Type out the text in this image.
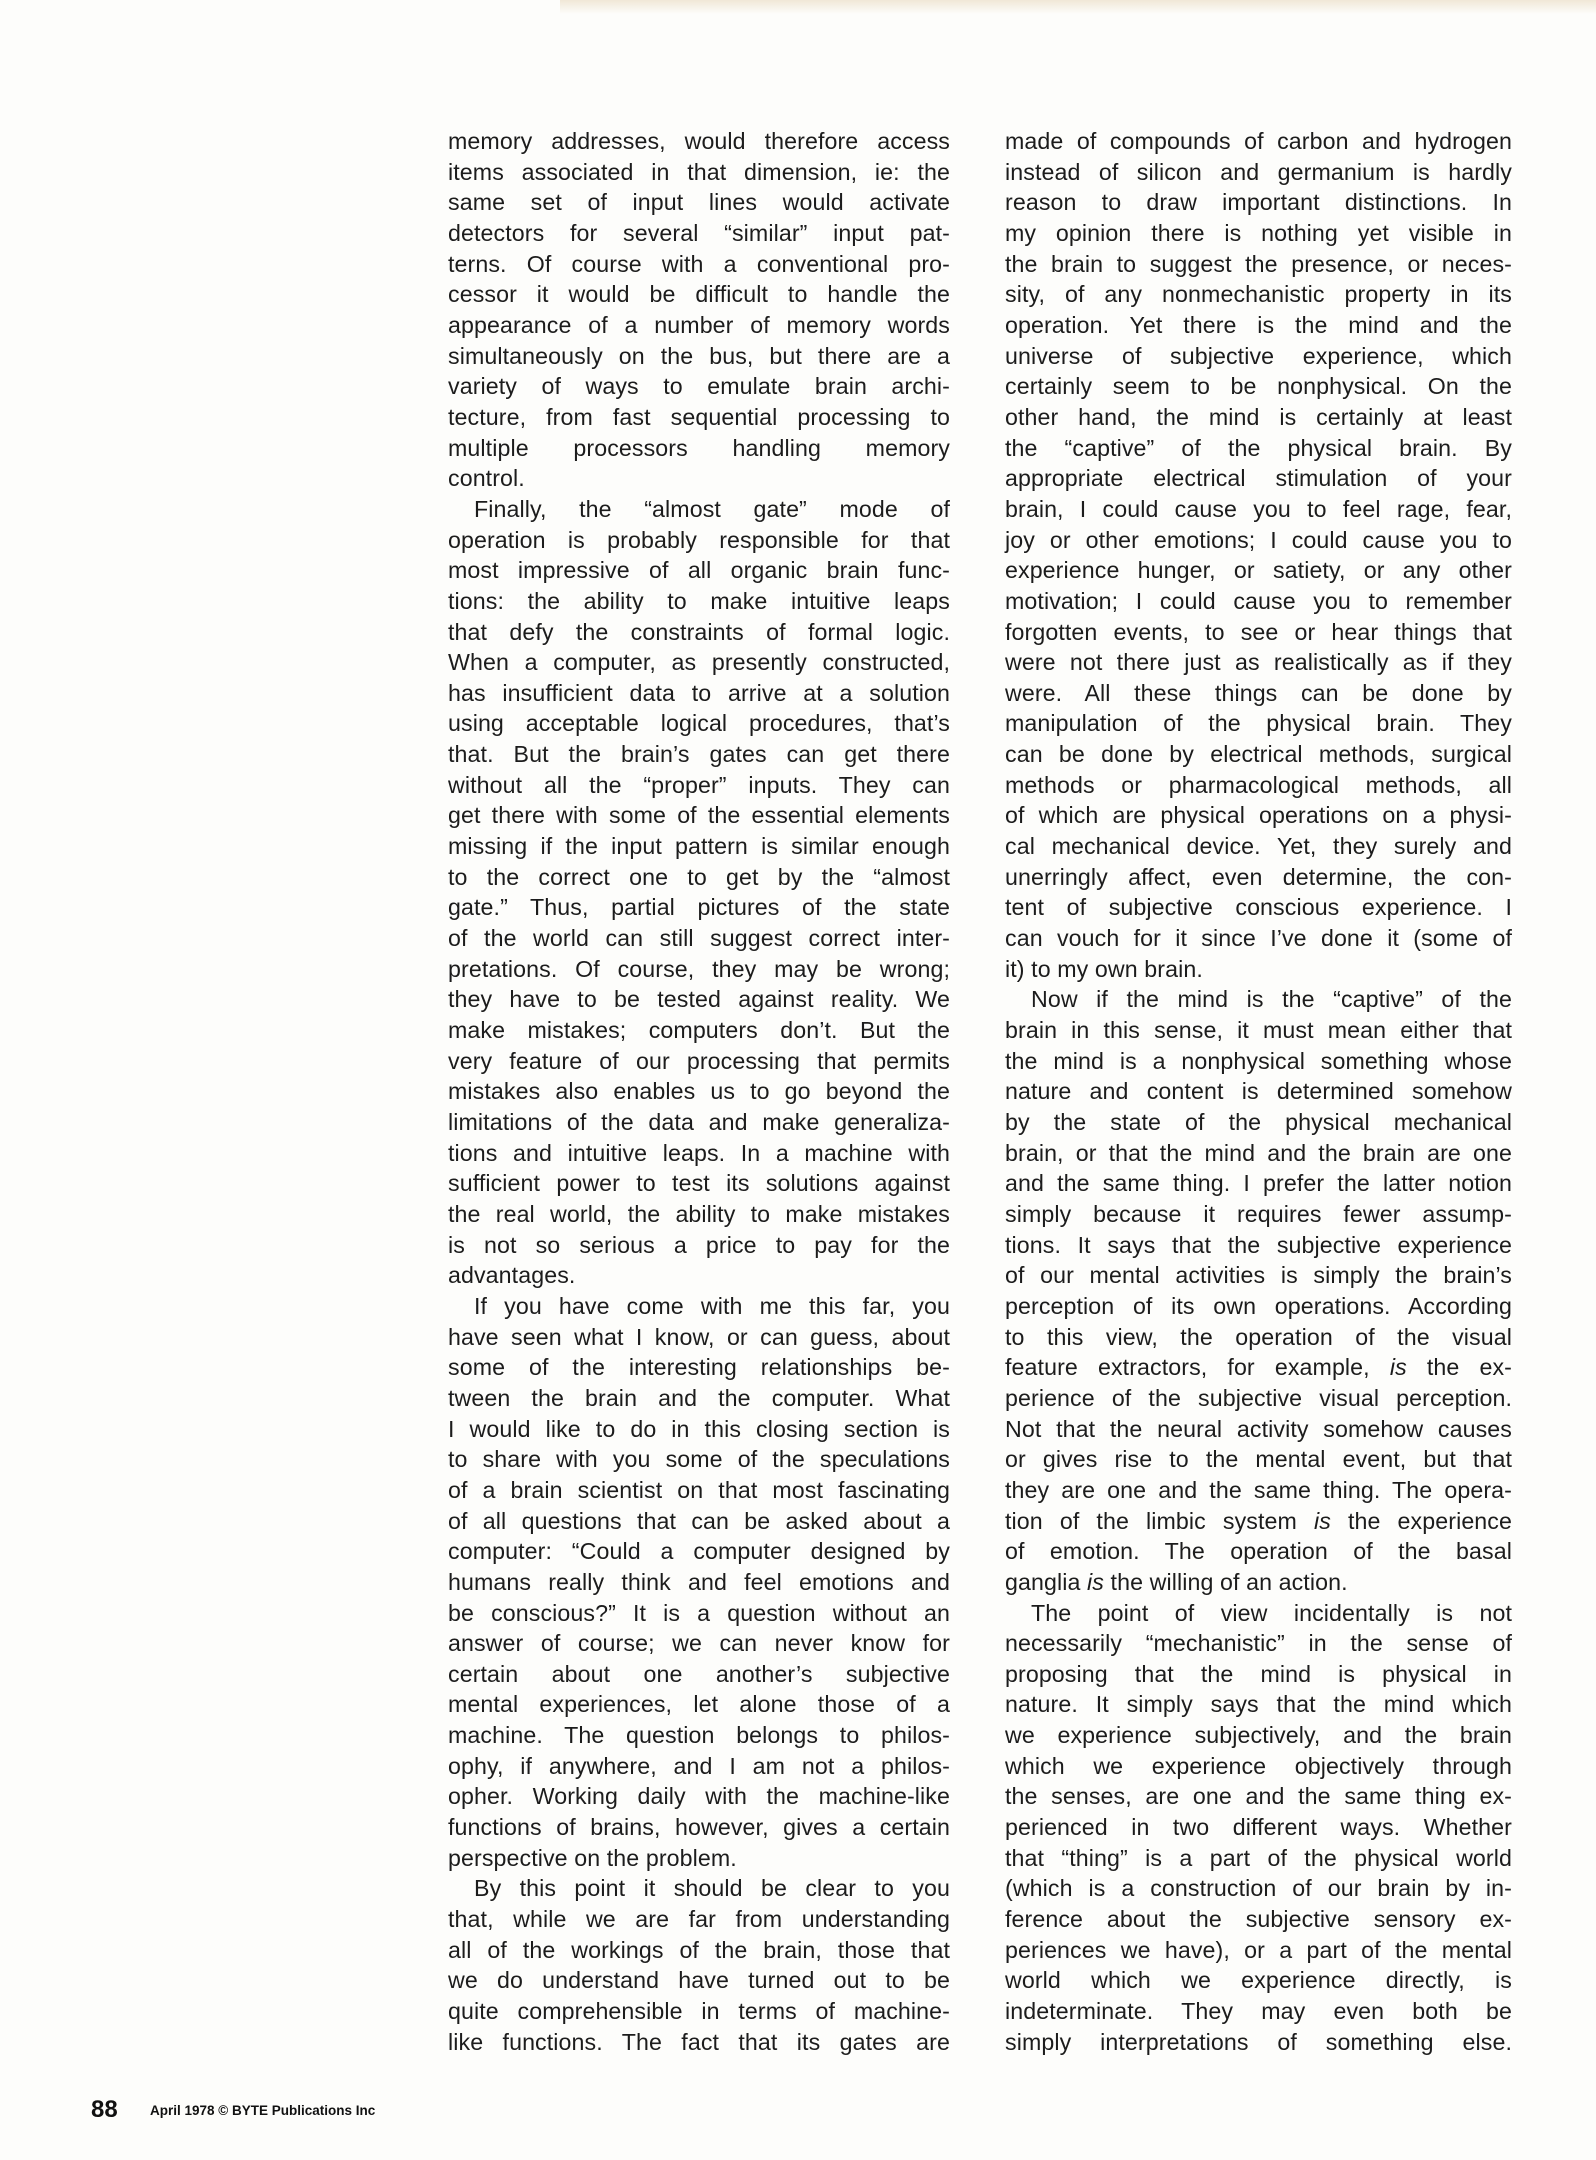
memory addresses, would therefore access
items associated in that dimension, ie: the
same set of input lines would activate
detectors for several “similar” input pat-
terns. Of course with a conventional pro-
cessor it would be difficult to handle the
appearance of a number of memory words
simultaneously on the bus, but there are a
variety of ways to emulate brain archi-
tecture, from fast sequential processing to
multiple processors handling memory
control.
Finally, the “almost gate” mode of
operation is probably responsible for that
most impressive of all organic brain func-
tions: the ability to make intuitive leaps
that defy the constraints of formal logic.
When a computer, as presently constructed,
has insufficient data to arrive at a solution
using acceptable logical procedures, that’s
that. But the brain’s gates can get there
without all the “proper” inputs. They can
get there with some of the essential elements
missing if the input pattern is similar enough
to the correct one to get by the “almost
gate.” Thus, partial pictures of the state
of the world can still suggest correct inter-
pretations. Of course, they may be wrong;
they have to be tested against reality. We
make mistakes; computers don’t. But the
very feature of our processing that permits
mistakes also enables us to go beyond the
limitations of the data and make generaliza-
tions and intuitive leaps. In a machine with
sufficient power to test its solutions against
the real world, the ability to make mistakes
is not so serious a price to pay for the
advantages.
If you have come with me this far, you
have seen what I know, or can guess, about
some of the interesting relationships be-
tween the brain and the computer. What
I would like to do in this closing section is
to share with you some of the speculations
of a brain scientist on that most fascinating
of all questions that can be asked about a
computer: “Could a computer designed by
humans really think and feel emotions and
be conscious?” It is a question without an
answer of course; we can never know for
certain about one another’s subjective
mental experiences, let alone those of a
machine. The question belongs to philos-
ophy, if anywhere, and I am not a philos-
opher. Working daily with the machine-like
functions of brains, however, gives a certain
perspective on the problem.
By this point it should be clear to you
that, while we are far from understanding
all of the workings of the brain, those that
we do understand have turned out to be
quite comprehensible in terms of machine-
like functions. The fact that its gates are
made of compounds of carbon and hydrogen
instead of silicon and germanium is hardly
reason to draw important distinctions. In
my opinion there is nothing yet visible in
the brain to suggest the presence, or neces-
sity, of any nonmechanistic property in its
operation. Yet there is the mind and the
universe of subjective experience, which
certainly seem to be nonphysical. On the
other hand, the mind is certainly at least
the “captive” of the physical brain. By
appropriate electrical stimulation of your
brain, I could cause you to feel rage, fear,
joy or other emotions; I could cause you to
experience hunger, or satiety, or any other
motivation; I could cause you to remember
forgotten events, to see or hear things that
were not there just as realistically as if they
were. All these things can be done by
manipulation of the physical brain. They
can be done by electrical methods, surgical
methods or pharmacological methods, all
of which are physical operations on a physi-
cal mechanical device. Yet, they surely and
unerringly affect, even determine, the con-
tent of subjective conscious experience. I
can vouch for it since I’ve done it (some of
it) to my own brain.
Now if the mind is the “captive” of the
brain in this sense, it must mean either that
the mind is a nonphysical something whose
nature and content is determined somehow
by the state of the physical mechanical
brain, or that the mind and the brain are one
and the same thing. I prefer the latter notion
simply because it requires fewer assump-
tions. It says that the subjective experience
of our mental activities is simply the brain’s
perception of its own operations. According
to this view, the operation of the visual
feature extractors, for example, is the ex-
perience of the subjective visual perception.
Not that the neural activity somehow causes
or gives rise to the mental event, but that
they are one and the same thing. The opera-
tion of the limbic system is the experience
of emotion. The operation of the basal
ganglia is the willing of an action.
The point of view incidentally is not
necessarily “mechanistic” in the sense of
proposing that the mind is physical in
nature. It simply says that the mind which
we experience subjectively, and the brain
which we experience objectively through
the senses, are one and the same thing ex-
perienced in two different ways. Whether
that “thing” is a part of the physical world
(which is a construction of our brain by in-
ference about the subjective sensory ex-
periences we have), or a part of the mental
world which we experience directly, is
indeterminate. They may even both be
simply interpretations of something else.
88 April 1978 © BYTE Publications Inc
